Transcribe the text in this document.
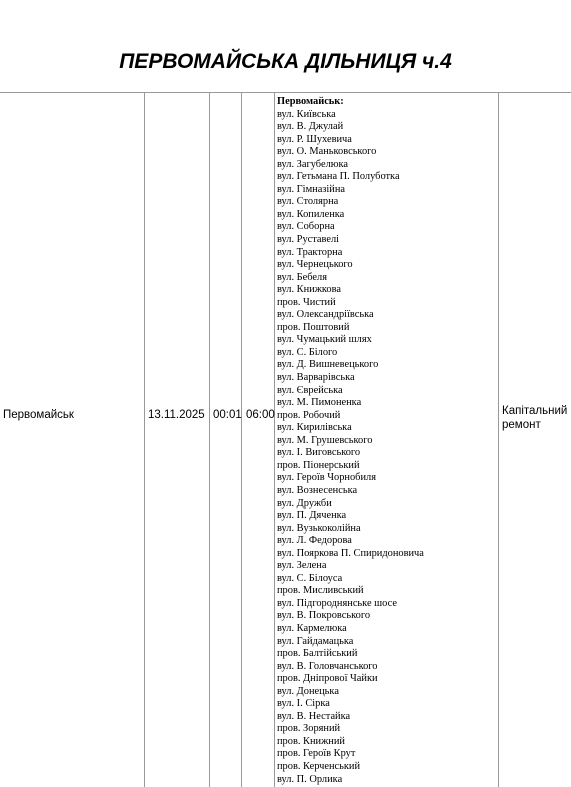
ПЕРВОМАЙСЬКА ДІЛЬНИЦЯ ч.4
Первомайськ	13.11.2025 00:01 06:00	Капітальний ремонт
Первомайськ:
вул. Київська
вул. В. Джулай
вул. Р. Шухевича
вул. О. Маньковського
вул. Загубелюка
вул. Гетьмана П. Полуботка
вул. Гімназійна
вул. Столярна
вул. Копиленка
вул. Соборна
вул. Руставелі
вул. Тракторна
вул. Чернецького
вул. Бебеля
вул. Книжкова
пров. Чистий
вул. Олександріївська
пров. Поштовий
вул. Чумацький шлях
вул. С. Білого
вул. Д. Вишневецького
вул. Варварівська
вул. Єврейська
вул. М. Пимоненка
пров. Робочий
вул. Кирилівська
вул. М. Грушевського
вул. І. Виговського
пров. Піонерський
вул. Героїв Чорнобиля
вул. Вознесенська
вул. Дружби
вул. П. Дяченка
вул. Вузькоколійна
вул. Л. Федорова
вул. Пояркова П. Спиридоновича
вул. Зелена
вул. С. Білоуса
пров. Мисливський
вул. Підгороднянське шосе
вул. В. Покровського
вул. Кармелюка
вул. Гайдамацька
пров. Балтійський
вул. В. Головчанського
пров. Дніпрової Чайки
вул. Донецька
вул. І. Сірка
вул. В. Нестайка
пров. Зоряний
пров. Книжний
пров. Героїв Крут
пров. Керченський
вул. П. Орлика
